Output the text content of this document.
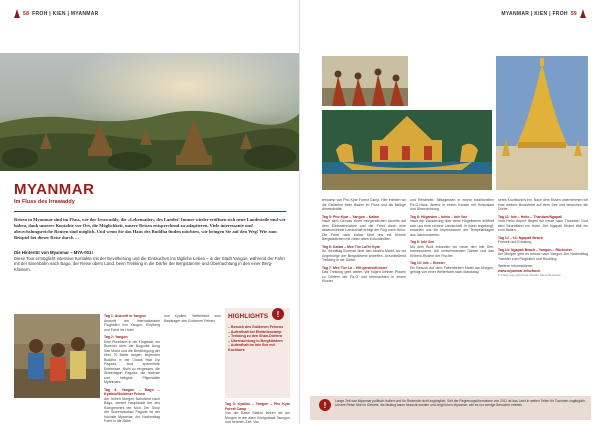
58 FROH | KIEN | MYANMAR
MYANMAR
Im Fluss des Irrawaddy
Reisen in Myanmar sind im Fluss, wie der Irrawaddy, die »Lebensader« des Landes! Immer wieder eröffnen sich neue Landesteile und wir haben, dank unserer Kontakte vor Ort, die Möglichkeit, unsere Reisen entsprechend zu adaptieren. Viele interessante und abwechslungsreiche Routen sind möglich. Und wenn Sie das Haus des Buddha finden möchten, wir bringen Sie auf den Weg! Wie zum Beispiel bei dieser Reise durch …
Die Hintertür von Myanmar – MYA-001!
Diese Tour ermöglicht intensive Kontakte mit der Bevölkerung und die Eintauchen ins tägliche Leben – in der Stadt Yangon, während der Fahrt mit der Eisenbahn nach Bago, der Reise übers Land, beim Trekking in die Dörfer der Bergstämme und Übernachtung in den einer Berg-Klöstern.

Tag 1: Ankunft in Yangon
Ankunft am internationalen Flughafen von Yangon. Empfang und Fahrt ins Hotel.

Tag 2: Yangon
Eine Rundfahrt in der Kingstadt, ein Bummel über die Bogyoke Aung San Markt und die Besichtigung der über 70 Meter langen, liegenden Buddha in der Chauk Htat Gyi Pagoda, sind spannende Erlebnisse. Nicht zu vergessen, die Shwedagon Pagoda, die höchste und heiligste Pilgerstätte Myanmars.

Tag 3: Yangon – Bago – Kyaikto/Goldener Felsen
Am frühen Morgen Bahnfahrt nach Bago, derzeit Hauptstadt der des Königreiches der Mon. Der Shop der Shwemawdaw Pagode ist der höchste Myanmar. Am Nachmittag Fahrt in die Nähe

von Kyaikto. Weiterfahrt zum Basislager des Goldenen Felsen.

Tag 4: Kyaikto – Yangon – Pho Kyar Forest Camp
Von der Basis Station fahren wir am Morgen in die alten Königsstadt Taungoo und nehmen Zeit. Von

HIGHLIGHTS	!
– Besuch des Goldenen Felsens
– Aufenthalt bei Elefantencamp
– Trekking zu den Shan-Dörfern
– Übernachtung in Bergklöstern
– Aufenthalt im Inle See mit Kochkurs
MYANMAR | KIEN | FROH 59

tencamp von Pho Kyar Forest Camp. Hier erleben wir die Elefanten beim Baden im Fluss und als fleißige Arbeitskräfte.

Tag 5: Pho Kyar – Yangon – Kalaw
Nach dem Genuss eines morgendlichen Ausritts auf dem Elefantenrücken und der Fahrt durch eine abwechselnde Landschaft erfolgt der Flug nach Heho. Die Fahrt nach Kalaw führt uns ins frühere Bergstädtchen mit vielen alten Kolonialvillen.

Tag 6: Kalaw – Mee The La/Ye Kyat
An Vormittag Bummel über den lokalen Markt, wo wir Angehörige der Bergstämme antreffen. Anschließend Trekking in die Dörfer.

Tag 7: Mee The La – Hill garden/Kloster
Das Trekking geht weiter. Wir folgen kleinen Pfaden zu Dörfern der Pa-O und übernachten in einem Kloster.

und Reisfelder. Mittagessen in einem traditionellen Pa-O-Haus. Abend in einem Kloster mit Holzpalast und Übernachtung.

Tag 8: Hilgarden – Inlein – Inle See
Nach der Wanderung über einen Hügelkamm eröffnet sich uns eine schöne Landschaft. In Inlein angelangt, erwarten uns die Impressionen der Tempelanlagen aus Jahrhunderten.

Tag 9: Inle See
Mit dem Boot erkunden wir heute den Inle See. Insbesondere, die schwimmenden Gärten und das Einbein-Rudern der Fischer.

Tag 10: Inle – Kloster
Ein Besuch auf dem Fabenfarben Markt am Morgen, gefolgt von einer Weiterfahrt nach Mandalay.

seres Kochkurses ein. Nach dem Essen unternehmen wir eine weitere Bootsfahrt auf dem See und besuchen die Dörfer.

Tag 11: Inle – Heho – Thandwe/Ngapali
Vom Heho Airport fliegen wir heute nach Thandwe. Dort wird Strandfahrt ins Hotel. Der Ngapali Strand lädt ein zum Baden.

Tag 12 – 13: Ngapali Beach
Freizeit und Erholung.

Tag 14: Ngapali Beach – Yangon – Rückreise
Am Morgen geht es zurück nach Yangon. Am Nachmittag Transfer zum Flughafen und Rückflug.

Weitere Informationen:
www.myanmar-reisebuch
© Fotos copyright Kiek Schwb. Kiens Reisezeit

!	Lange Zeit war Myanmar politisch isoliert und für Reisende nicht zugänglich. Seit der Regierungsübernahme von 2011 ist das Land in weiten Teilen für Touristen zugänglich. Unsere Reise führt in Gebiete, die bislang kaum besucht wurden und zeigt Ihnen Myanmar, wie es nur wenige Besucher erleben.
